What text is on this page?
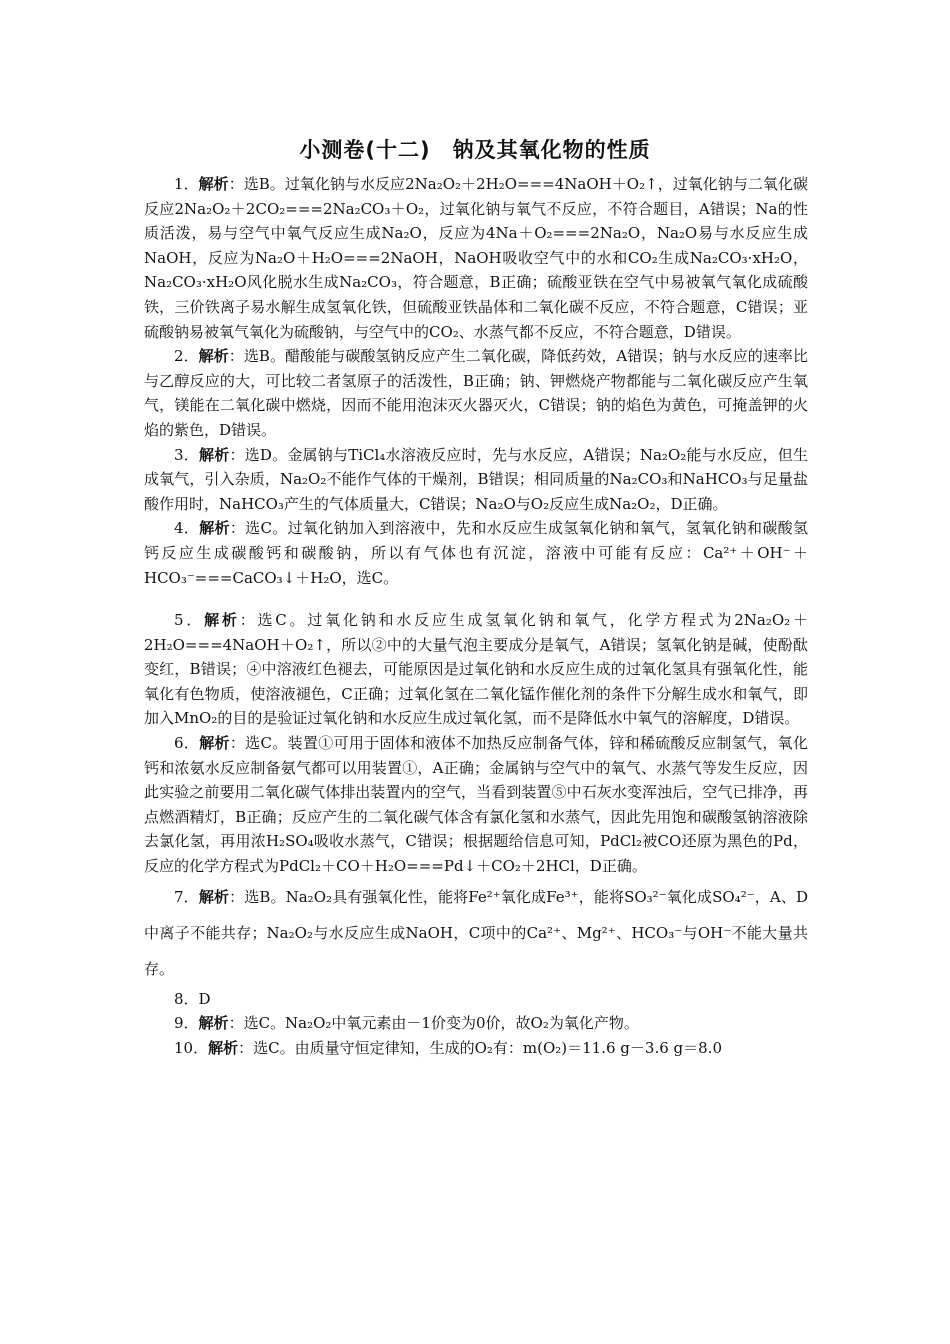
小测卷(十二)　钠及其氧化物的性质

1．解析：选B。过氧化钠与水反应2Na₂O₂＋2H₂O===4NaOH＋O₂↑，过氧化钠与二氧化碳反应2Na₂O₂＋2CO₂===2Na₂CO₃＋O₂，过氧化钠与氧气不反应，不符合题目，A错误；Na的性质活泼，易与空气中氧气反应生成Na₂O，反应为4Na＋O₂===2Na₂O，Na₂O易与水反应生成NaOH，反应为Na₂O＋H₂O===2NaOH，NaOH吸收空气中的水和CO₂生成Na₂CO₃·xH₂O，Na₂CO₃·xH₂O风化脱水生成Na₂CO₃，符合题意，B正确；硫酸亚铁在空气中易被氧气氧化成硫酸铁，三价铁离子易水解生成氢氧化铁，但硫酸亚铁晶体和二氧化碳不反应，不符合题意，C错误；亚硫酸钠易被氧气氧化为硫酸钠，与空气中的CO₂、水蒸气都不反应，不符合题意，D错误。

2．解析：选B。醋酸能与碳酸氢钠反应产生二氧化碳，降低药效，A错误；钠与水反应的速率比与乙醇反应的大，可比较二者氢原子的活泼性，B正确；钠、钾燃烧产物都能与二氧化碳反应产生氧气，镁能在二氧化碳中燃烧，因而不能用泡沫灭火器灭火，C错误；钠的焰色为黄色，可掩盖钾的火焰的紫色，D错误。

3．解析：选D。金属钠与TiCl₄水溶液反应时，先与水反应，A错误；Na₂O₂能与水反应，但生成氧气，引入杂质，Na₂O₂不能作气体的干燥剂，B错误；相同质量的Na₂CO₃和NaHCO₃与足量盐酸作用时，NaHCO₃产生的气体质量大，C错误；Na₂O与O₂反应生成Na₂O₂，D正确。

4．解析：选C。过氧化钠加入到溶液中，先和水反应生成氢氧化钠和氧气，氢氧化钠和碳酸氢钙反应生成碳酸钙和碳酸钠，所以有气体也有沉淀，溶液中可能有反应：Ca²⁺＋OH⁻＋HCO₃⁻===CaCO₃↓＋H₂O，选C。

5．解析：选C。过氧化钠和水反应生成氢氧化钠和氧气，化学方程式为2Na₂O₂＋2H₂O===4NaOH＋O₂↑，所以②中的大量气泡主要成分是氧气，A错误；氢氧化钠是碱，使酚酞变红，B错误；④中溶液红色褪去，可能原因是过氧化钠和水反应生成的过氧化氢具有强氧化性，能氧化有色物质，使溶液褪色，C正确；过氧化氢在二氧化锰作催化剂的条件下分解生成水和氧气，即加入MnO₂的目的是验证过氧化钠和水反应生成过氧化氢，而不是降低水中氧气的溶解度，D错误。

6．解析：选C。装置①可用于固体和液体不加热反应制备气体，锌和稀硫酸反应制氢气，氧化钙和浓氨水反应制备氨气都可以用装置①，A正确；金属钠与空气中的氧气、水蒸气等发生反应，因此实验之前要用二氧化碳气体排出装置内的空气，当看到装置⑤中石灰水变浑浊后，空气已排净，再点燃酒精灯，B正确；反应产生的二氧化碳气体含有氯化氢和水蒸气，因此先用饱和碳酸氢钠溶液除去氯化氢，再用浓H₂SO₄吸收水蒸气，C错误；根据题给信息可知，PdCl₂被CO还原为黑色的Pd，反应的化学方程式为PdCl₂＋CO＋H₂O===Pd↓＋CO₂＋2HCl，D正确。

7．解析：选B。Na₂O₂具有强氧化性，能将Fe²⁺氧化成Fe³⁺，能将SO₃²⁻氧化成SO₄²⁻，A、D中离子不能共存；Na₂O₂与水反应生成NaOH，C项中的Ca²⁺、Mg²⁺、HCO₃⁻与OH⁻不能大量共存。

8．D

9．解析：选C。Na₂O₂中氧元素由－1价变为0价，故O₂为氧化产物。

10．解析：选C。由质量守恒定律知，生成的O₂有：m(O₂)＝11.6 g－3.6 g＝8.0
